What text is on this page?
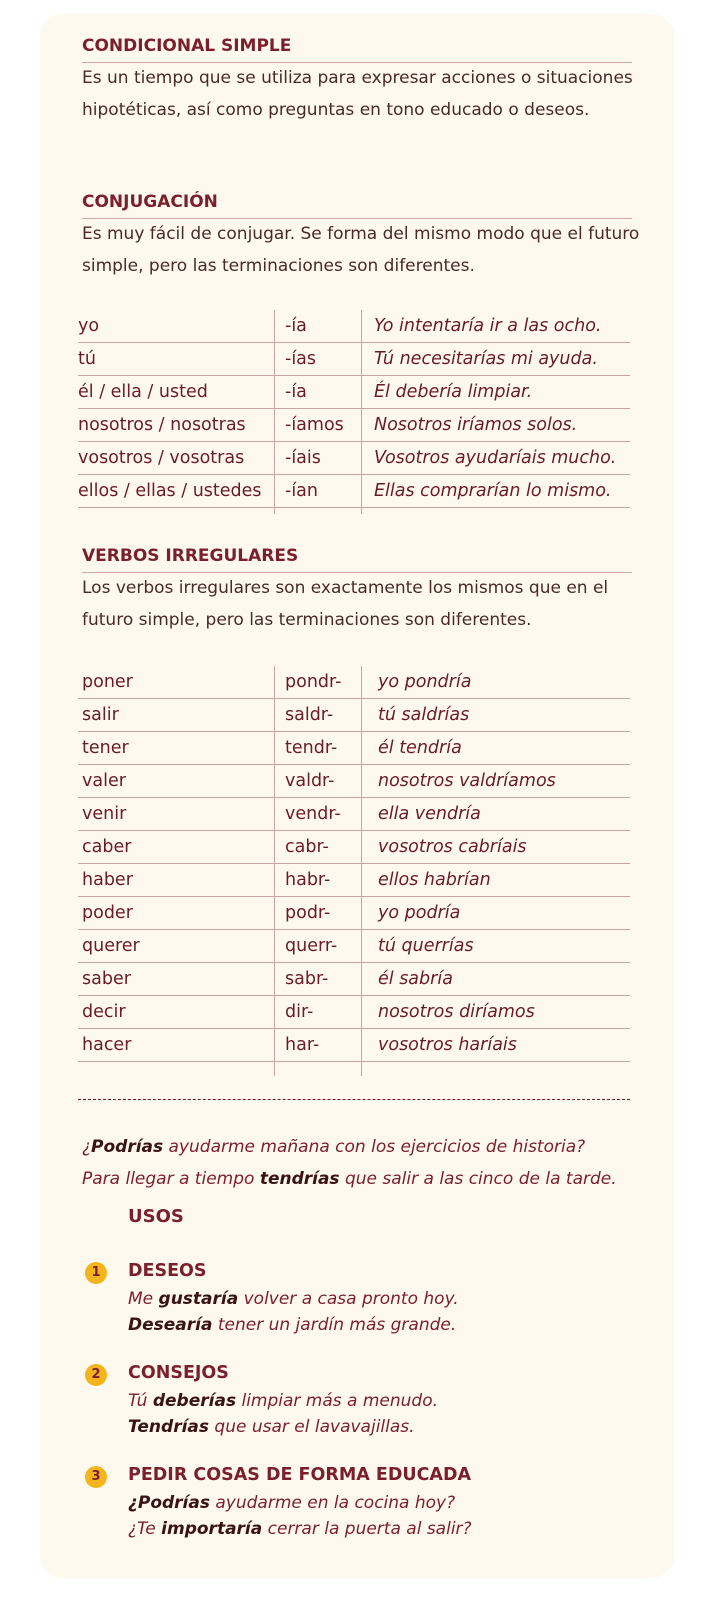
CONDICIONAL SIMPLE
Es un tiempo que se utiliza para expresar acciones o situaciones hipotéticas, así como preguntas en tono educado o deseos.
CONJUGACIÓN
Es muy fácil de conjugar. Se forma del mismo modo que el futuro simple, pero las terminaciones son diferentes.
yo	-ía	Yo intentaría ir a las ocho.
tú	-ías	Tú necesitarías mi ayuda.
él / ella / usted	-ía	Él debería limpiar.
nosotros / nosotras -íamos Nosotros iríamos solos.
vosotros / vosotras -íais	Vosotros ayudaríais mucho.
ellos / ellas / ustedes -ían	Ellas comprarían lo mismo.
VERBOS IRREGULARES
Los verbos irregulares son exactamente los mismos que en el futuro simple, pero las terminaciones son diferentes.
poner	pondr- yo pondría
salir	saldr-	tú saldrías
tener	tendr- él tendría
valer	valdr- nosotros valdríamos
venir	vendr- ella vendría
caber	cabr-	vosotros cabríais
haber	habr-	ellos habrían
poder	podr-	yo podría
querer	querr- tú querrías
saber	sabr-	él sabría
decir	dir-	nosotros diríamos
hacer	har-	vosotros haríais
¿Podrías ayudarme mañana con los ejercicios de historia?
Para llegar a tiempo tendrías que salir a las cinco de la tarde.
USOS
1	DESEOS
Me gustaría volver a casa pronto hoy.
Desearía tener un jardín más grande.
2	CONSEJOS
Tú deberías limpiar más a menudo.
Tendrías que usar el lavavajillas.
3	PEDIR COSAS DE FORMA EDUCADA
¿Podrías ayudarme en la cocina hoy?
¿Te importaría cerrar la puerta al salir?
